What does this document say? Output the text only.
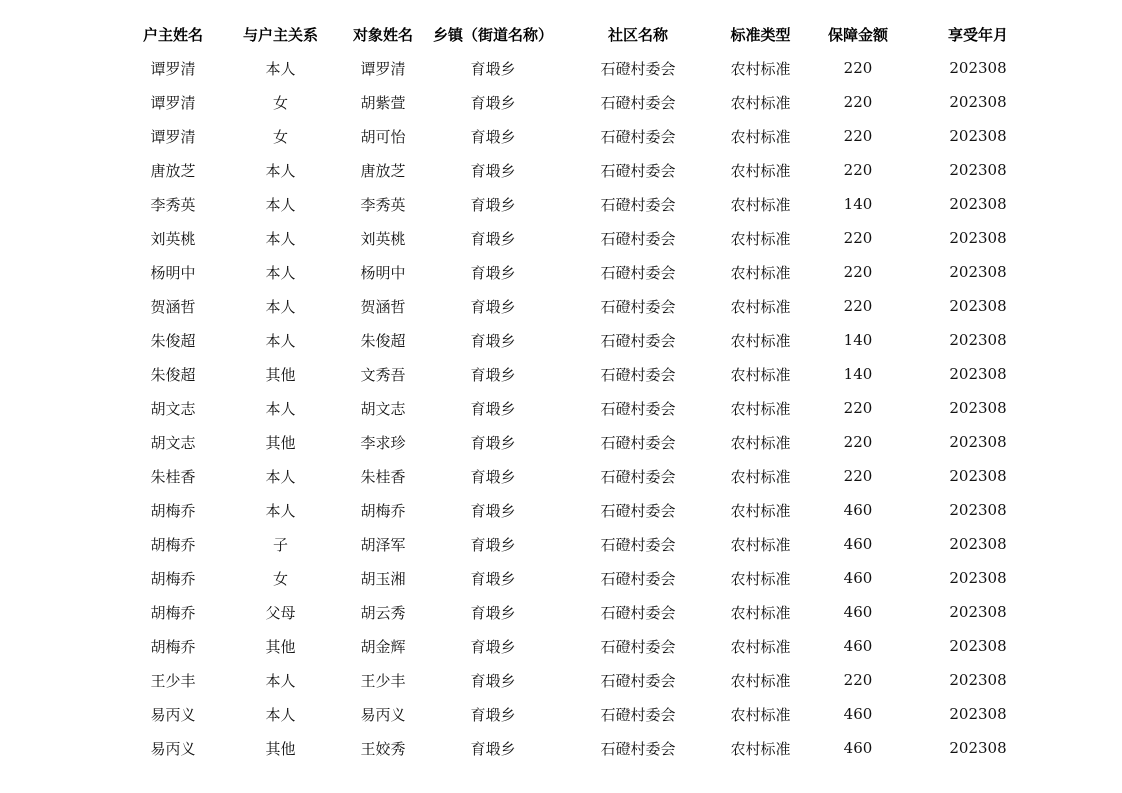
户主姓名	与户主关系	对象姓名	乡镇（街道名称）	社区名称	标准类型	保障金额	享受年月
谭罗清	本人	谭罗清	育塅乡	石磴村委会	农村标准	220	202308
谭罗清	女	胡紫萱	育塅乡	石磴村委会	农村标准	220	202308
谭罗清	女	胡可怡	育塅乡	石磴村委会	农村标准	220	202308
唐放芝	本人	唐放芝	育塅乡	石磴村委会	农村标准	220	202308
李秀英	本人	李秀英	育塅乡	石磴村委会	农村标准	140	202308
刘英桃	本人	刘英桃	育塅乡	石磴村委会	农村标准	220	202308
杨明中	本人	杨明中	育塅乡	石磴村委会	农村标准	220	202308
贺涵哲	本人	贺涵哲	育塅乡	石磴村委会	农村标准	220	202308
朱俊超	本人	朱俊超	育塅乡	石磴村委会	农村标准	140	202308
朱俊超	其他	文秀吾	育塅乡	石磴村委会	农村标准	140	202308
胡文志	本人	胡文志	育塅乡	石磴村委会	农村标准	220	202308
胡文志	其他	李求珍	育塅乡	石磴村委会	农村标准	220	202308
朱桂香	本人	朱桂香	育塅乡	石磴村委会	农村标准	220	202308
胡梅乔	本人	胡梅乔	育塅乡	石磴村委会	农村标准	460	202308
胡梅乔	子	胡泽军	育塅乡	石磴村委会	农村标准	460	202308
胡梅乔	女	胡玉湘	育塅乡	石磴村委会	农村标准	460	202308
胡梅乔	父母	胡云秀	育塅乡	石磴村委会	农村标准	460	202308
胡梅乔	其他	胡金辉	育塅乡	石磴村委会	农村标准	460	202308
王少丰	本人	王少丰	育塅乡	石磴村委会	农村标准	220	202308
易丙义	本人	易丙义	育塅乡	石磴村委会	农村标准	460	202308
易丙义	其他	王姣秀	育塅乡	石磴村委会	农村标准	460	202308
